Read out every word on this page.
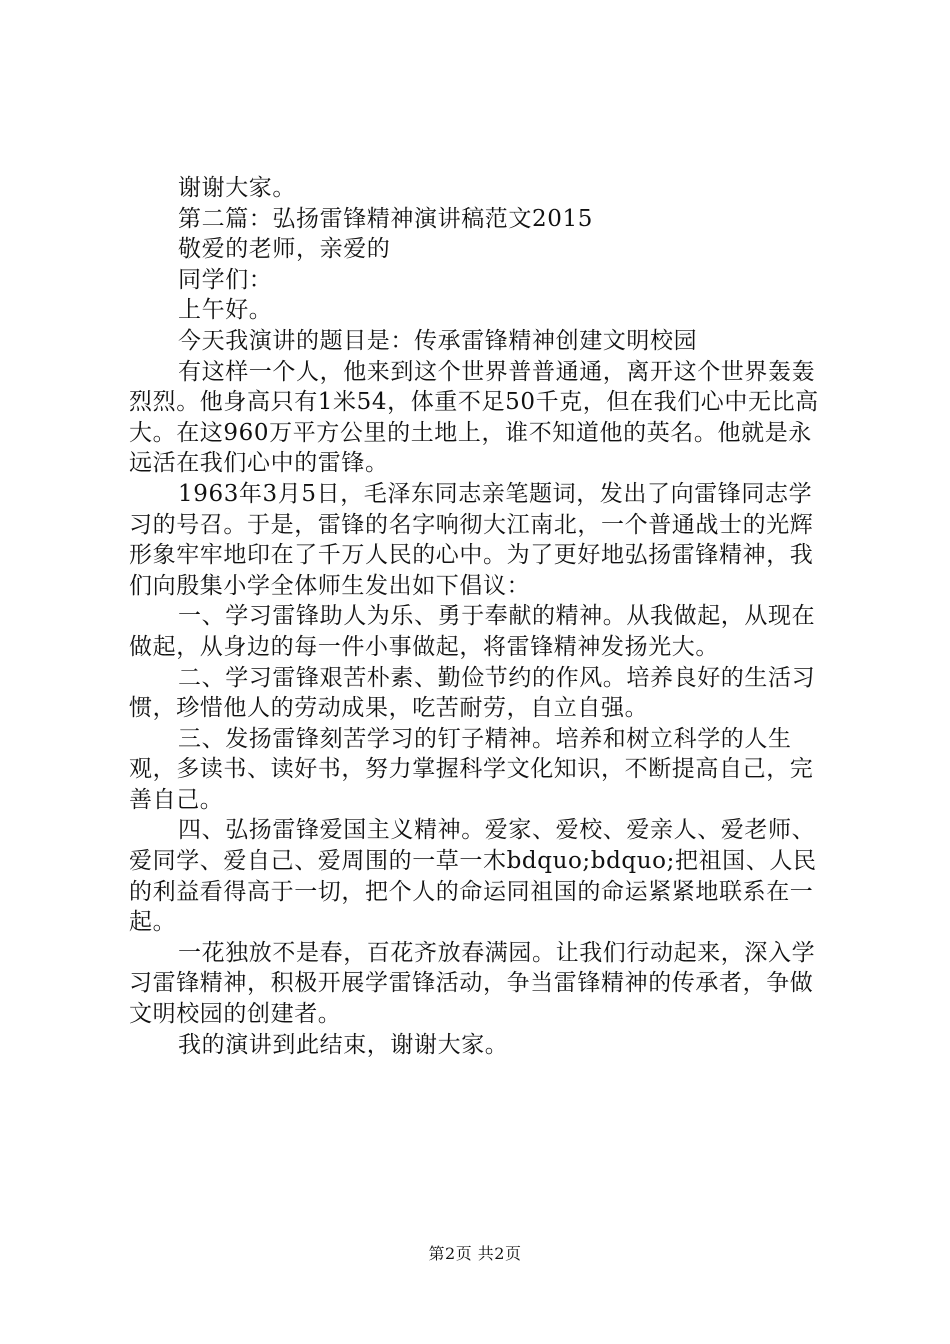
谢谢大家。

第二篇：弘扬雷锋精神演讲稿范文2015

敬爱的老师，亲爱的

同学们：

上午好。

今天我演讲的题目是：传承雷锋精神创建文明校园

有这样一个人，他来到这个世界普普通通，离开这个世界轰轰烈烈。他身高只有1米54，体重不足50千克，但在我们心中无比高大。在这960万平方公里的土地上，谁不知道他的英名。他就是永远活在我们心中的雷锋。

1963年3月5日，毛泽东同志亲笔题词，发出了向雷锋同志学习的号召。于是，雷锋的名字响彻大江南北，一个普通战士的光辉形象牢牢地印在了千万人民的心中。为了更好地弘扬雷锋精神，我们向殷集小学全体师生发出如下倡议：

一、学习雷锋助人为乐、勇于奉献的精神。从我做起，从现在做起，从身边的每一件小事做起，将雷锋精神发扬光大。

二、学习雷锋艰苦朴素、勤俭节约的作风。培养良好的生活习惯，珍惜他人的劳动成果，吃苦耐劳，自立自强。

三、发扬雷锋刻苦学习的钉子精神。培养和树立科学的人生观，多读书、读好书，努力掌握科学文化知识，不断提高自己，完善自己。

四、弘扬雷锋爱国主义精神。爱家、爱校、爱亲人、爱老师、爱同学、爱自己、爱周围的一草一木bdquo;bdquo;把祖国、人民的利益看得高于一切，把个人的命运同祖国的命运紧紧地联系在一起。

一花独放不是春，百花齐放春满园。让我们行动起来，深入学习雷锋精神，积极开展学雷锋活动，争当雷锋精神的传承者，争做文明校园的创建者。

我的演讲到此结束，谢谢大家。

第2页 共2页
